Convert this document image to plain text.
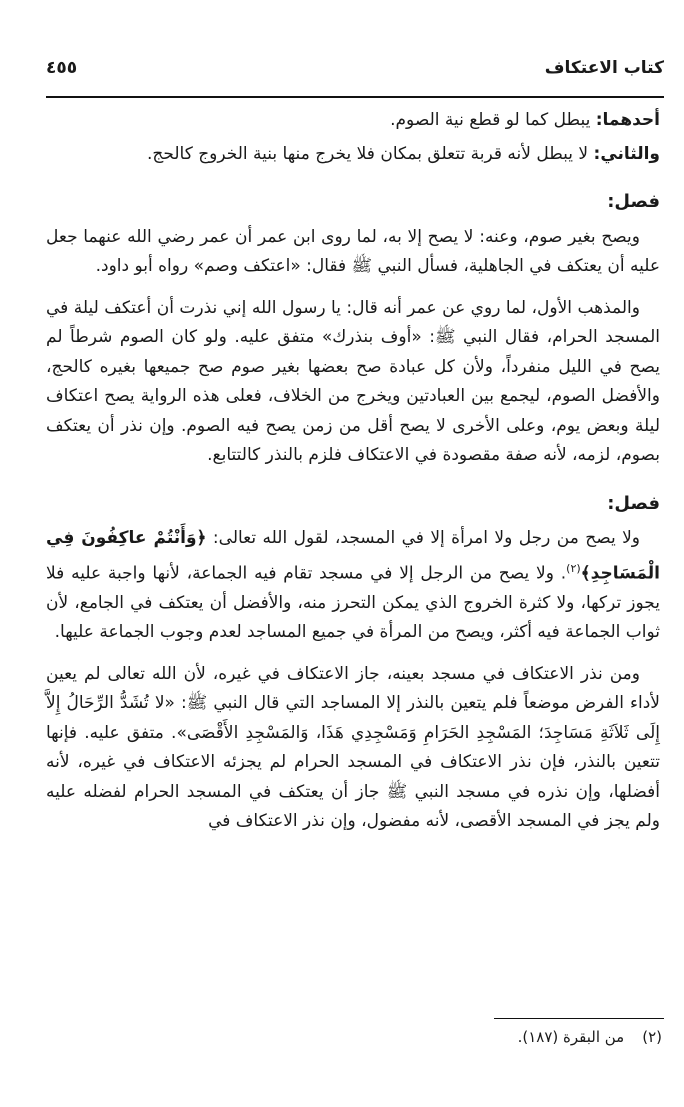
كتاب الاعتكاف
٤٥٥

أحدهما: يبطل كما لو قطع نية الصوم.

والثاني: لا يبطل لأنه قربة تتعلق بمكان فلا يخرج منها بنية الخروج كالحج.

فصل:

ويصح بغير صوم، وعنه: لا يصح إلا به، لما روى ابن عمر أن عمر رضي الله عنهما جعل عليه أن يعتكف في الجاهلية، فسأل النبي ﷺ فقال: «اعتكف وصم» رواه أبو داود.

والمذهب الأول، لما روي عن عمر أنه قال: يا رسول الله إني نذرت أن أعتكف ليلة في المسجد الحرام، فقال النبي ﷺ: «أوف بنذرك» متفق عليه. ولو كان الصوم شرطاً لم يصح في الليل منفرداً، ولأن كل عبادة صح بعضها بغير صوم صح جميعها بغيره كالحج، والأفضل الصوم، ليجمع بين العبادتين ويخرج من الخلاف، فعلى هذه الرواية يصح اعتكاف ليلة وبعض يوم، وعلى الأخرى لا يصح أقل من زمن يصح فيه الصوم. وإن نذر أن يعتكف بصوم، لزمه، لأنه صفة مقصودة في الاعتكاف فلزم بالنذر كالتتابع.

فصل:

ولا يصح من رجل ولا امرأة إلا في المسجد، لقول الله تعالى: ﴿وَأَنْتُمْ عاكِفُونَ فِي الْمَسَاجِدِ﴾$^{(٢)}$. ولا يصح من الرجل إلا في مسجد تقام فيه الجماعة، لأنها واجبة عليه فلا يجوز تركها، ولا كثرة الخروج الذي يمكن التحرز منه، والأفضل أن يعتكف في الجامع، لأن ثواب الجماعة فيه أكثر، ويصح من المرأة في جميع المساجد لعدم وجوب الجماعة عليها.

ومن نذر الاعتكاف في مسجد بعينه، جاز الاعتكاف في غيره، لأن الله تعالى لم يعين لأداء الفرض موضعاً فلم يتعين بالنذر إلا المساجد التي قال النبي ﷺ: «لا تُشَدُّ الرِّحَالُ إِلاَّ إِلَى ثَلاَثَةِ مَسَاجِدَ؛ المَسْجِدِ الحَرَامِ وَمَسْجِدِي هَذَا، وَالمَسْجِدِ الأَقْصَى». متفق عليه. فإنها تتعين بالنذر، فإن نذر الاعتكاف في المسجد الحرام لم يجزئه الاعتكاف في غيره، لأنه أفضلها، وإن نذره في مسجد النبي ﷺ جاز أن يعتكف في المسجد الحرام لفضله عليه ولم يجز في المسجد الأقصى، لأنه مفضول، وإن نذر الاعتكاف في

(٢)من البقرة (١٨٧).
